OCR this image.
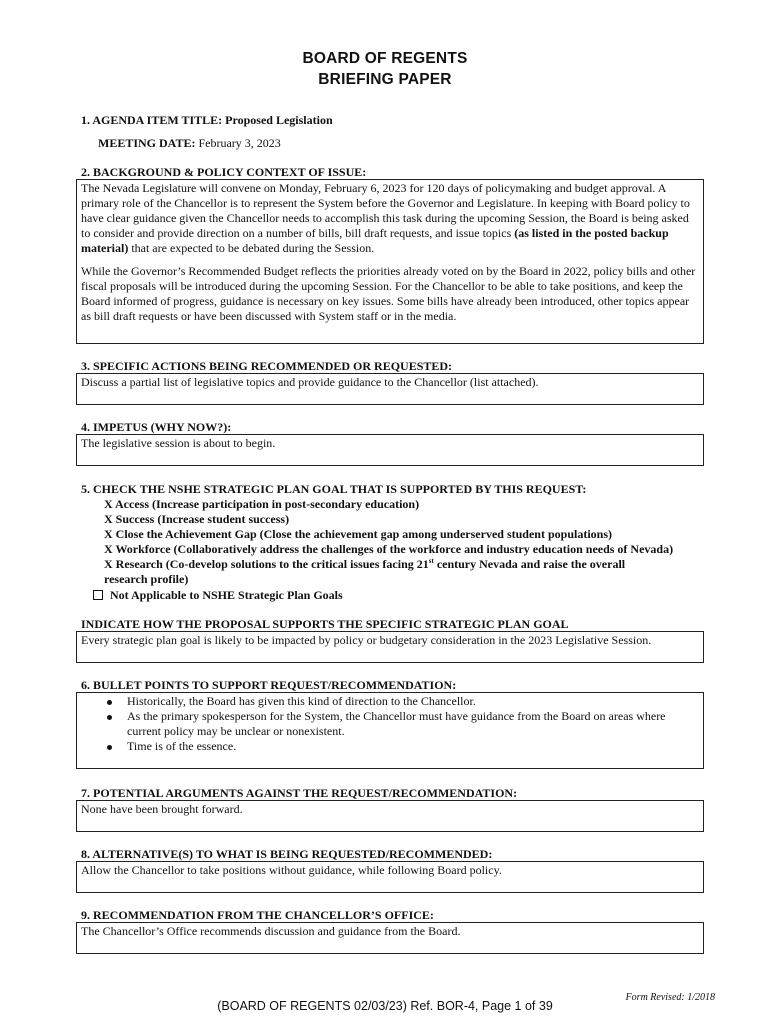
BOARD OF REGENTS
BRIEFING PAPER
1. AGENDA ITEM TITLE: Proposed Legislation
MEETING DATE: February 3, 2023
2. BACKGROUND & POLICY CONTEXT OF ISSUE:

The Nevada Legislature will convene on Monday, February 6, 2023 for 120 days of policymaking and budget approval. A primary role of the Chancellor is to represent the System before the Governor and Legislature. In keeping with Board policy to have clear guidance given the Chancellor needs to accomplish this task during the upcoming Session, the Board is being asked to consider and provide direction on a number of bills, bill draft requests, and issue topics (as listed in the posted backup material) that are expected to be debated during the Session.

While the Governor’s Recommended Budget reflects the priorities already voted on by the Board in 2022, policy bills and other fiscal proposals will be introduced during the upcoming Session. For the Chancellor to be able to take positions, and keep the Board informed of progress, guidance is necessary on key issues. Some bills have already been introduced, other topics appear as bill draft requests or have been discussed with System staff or in the media.

3. SPECIFIC ACTIONS BEING RECOMMENDED OR REQUESTED:

Discuss a partial list of legislative topics and provide guidance to the Chancellor (list attached).

4. IMPETUS (WHY NOW?):

The legislative session is about to begin.

5. CHECK THE NSHE STRATEGIC PLAN GOAL THAT IS SUPPORTED BY THIS REQUEST:
X Access (Increase participation in post-secondary education)
X Success (Increase student success)
X Close the Achievement Gap (Close the achievement gap among underserved student populations)
X Workforce (Collaboratively address the challenges of the workforce and industry education needs of Nevada)
X Research (Co-develop solutions to the critical issues facing 21st century Nevada and raise the overall
research profile)
Not Applicable to NSHE Strategic Plan Goals
INDICATE HOW THE PROPOSAL SUPPORTS THE SPECIFIC STRATEGIC PLAN GOAL

Every strategic plan goal is likely to be impacted by policy or budgetary consideration in the 2023 Legislative Session.

6. BULLET POINTS TO SUPPORT REQUEST/RECOMMENDATION:
Historically, the Board has given this kind of direction to the Chancellor.
As the primary spokesperson for the System, the Chancellor must have guidance from the Board on areas where current policy may be unclear or nonexistent.
Time is of the essence.
7. POTENTIAL ARGUMENTS AGAINST THE REQUEST/RECOMMENDATION:

None have been brought forward.

8. ALTERNATIVE(S) TO WHAT IS BEING REQUESTED/RECOMMENDED:

Allow the Chancellor to take positions without guidance, while following Board policy.

9. RECOMMENDATION FROM THE CHANCELLOR’S OFFICE:

The Chancellor’s Office recommends discussion and guidance from the Board.

Form Revised: 1/2018
(BOARD OF REGENTS 02/03/23) Ref. BOR-4, Page 1 of 39
